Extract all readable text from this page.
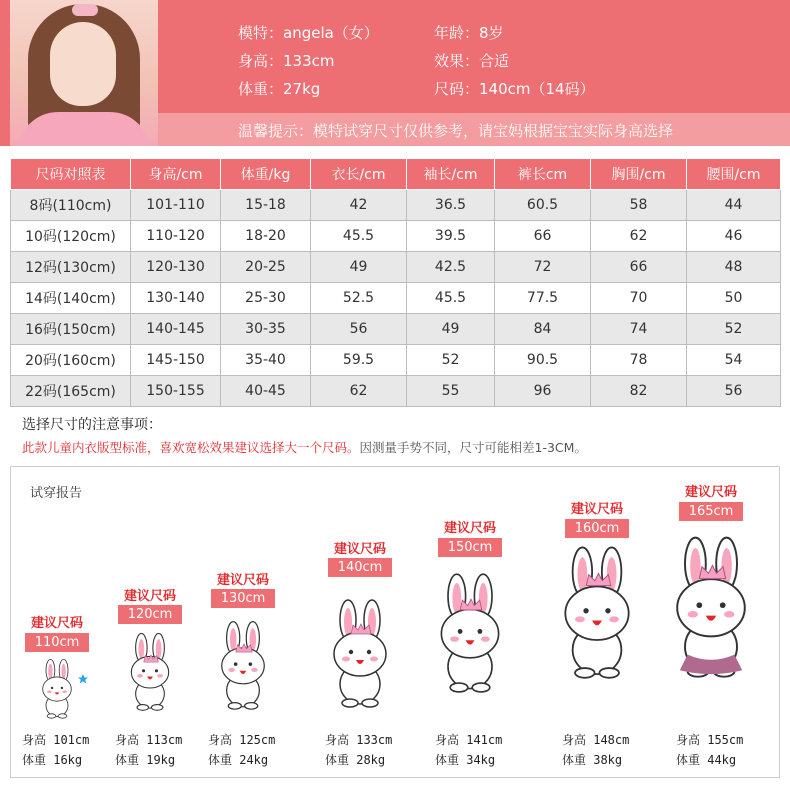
模特：angela（女）	年龄：8岁
身高：133cm	效果：合适
体重：27kg	尺码：140cm（14码）
温馨提示：模特试穿尺寸仅供参考，请宝妈根据宝宝实际身高选择
尺码对照表	身高/cm	体重/kg	衣长/cm	袖长/cm	裤长cm	胸围/cm	腰围/cm
8码(110cm)	101-110	15-18	42	36.5	60.5	58	44
10码(120cm)	110-120	18-20	45.5	39.5	66	62	46
12码(130cm)	120-130	20-25	49	42.5	72	66	48
14码(140cm)	130-140	25-30	52.5	45.5	77.5	70	50
16码(150cm)	140-145	30-35	56	49	84	74	52
20码(160cm)	145-150	35-40	59.5	52	90.5	78	54
22码(165cm)	150-155	40-45	62	55	96	82	56
选择尺寸的注意事项：
此款儿童内衣版型标准，喜欢宽松效果建议选择大一个尺码。因测量手势不同，尺寸可能相差1-3CM。
试穿报告
建议尺码
110cm
身高 101cm
体重 16kg
建议尺码
120cm
身高 113cm
体重 19kg
建议尺码
130cm
身高 125cm
体重 24kg
建议尺码
140cm
身高 133cm
体重 28kg
建议尺码
150cm
身高 141cm
体重 34kg
建议尺码
160cm
身高 148cm
体重 38kg
建议尺码
165cm
身高 155cm
体重 44kg
